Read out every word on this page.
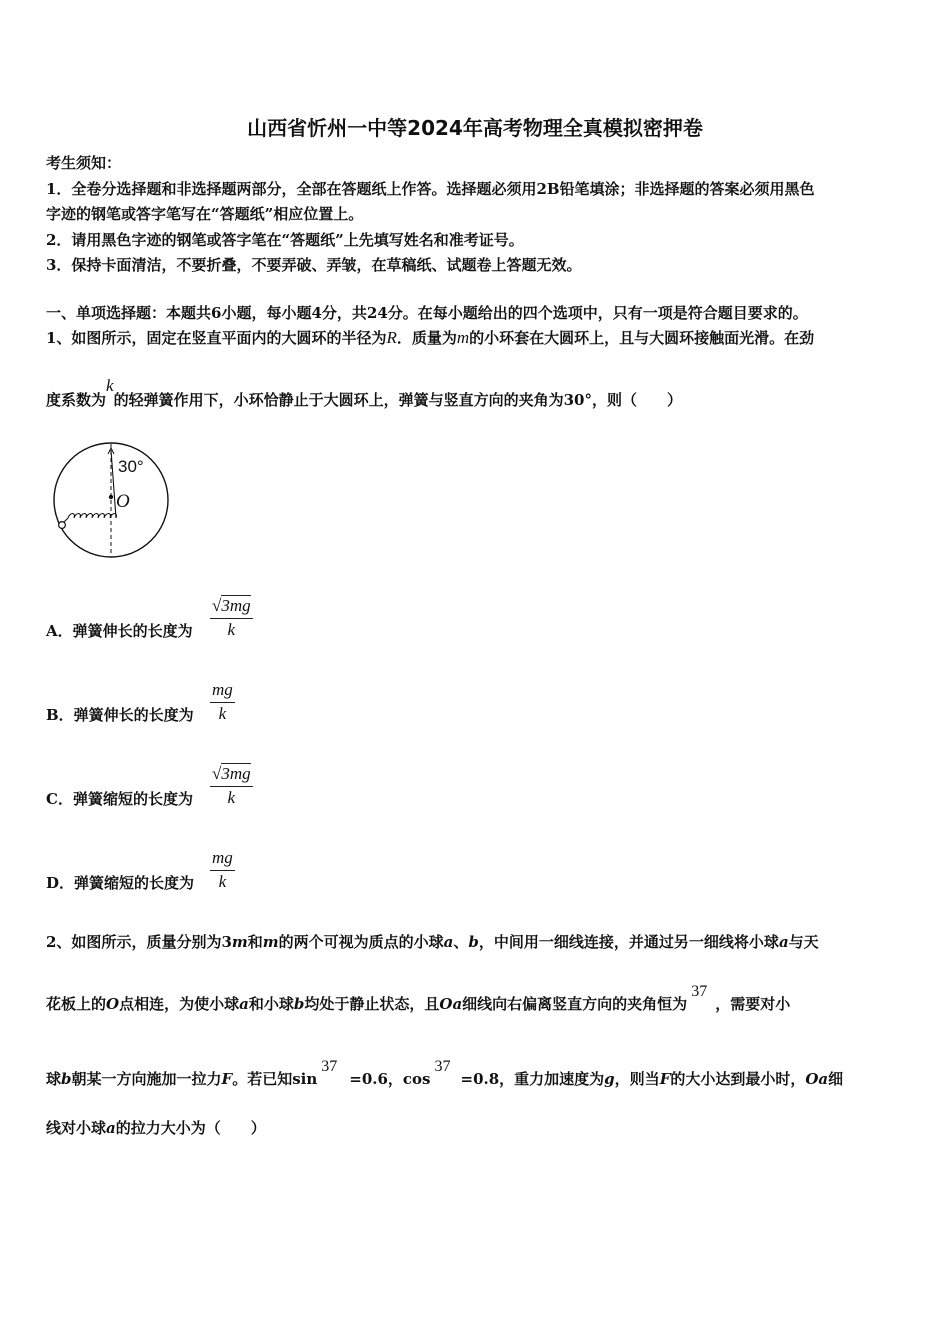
山西省忻州一中等2024年高考物理全真模拟密押卷
考生须知：
1．全卷分选择题和非选择题两部分，全部在答题纸上作答。选择题必须用2B铅笔填涂；非选择题的答案必须用黑色
字迹的钢笔或答字笔写在“答题纸”相应位置上。
2．请用黑色字迹的钢笔或答字笔在“答题纸”上先填写姓名和准考证号。
3．保持卡面清洁，不要折叠，不要弄破、弄皱，在草稿纸、试题卷上答题无效。
一、单项选择题：本题共6小题，每小题4分，共24分。在每小题给出的四个选项中，只有一项是符合题目要求的。
1、如图所示，固定在竖直平面内的大圆环的半径为R．质量为m的小环套在大圆环上，且与大圆环接触面光滑。在劲
度系数为k的轻弹簧作用下，小环恰静止于大圆环上，弹簧与竖直方向的夹角为30°，则（　　）
30°
O
A．弹簧伸长的长度为 $\frac{√3mg}{k}$
B．弹簧伸长的长度为 $\frac{mg}{k}$
C．弹簧缩短的长度为 $\frac{√3mg}{k}$
D．弹簧缩短的长度为 $\frac{mg}{k}$
2、如图所示，质量分别为3m和m的两个可视为质点的小球a、b，中间用一细线连接，并通过另一细线将小球a与天
花板上的O点相连，为使小球a和小球b均处于静止状态，且Oa细线向右偏离竖直方向的夹角恒为37，需要对小
球b朝某一方向施加一拉力F。若已知sin37=0.6，cos37=0.8，重力加速度为g，则当F的大小达到最小时，Oa细
线对小球a的拉力大小为（　　）
